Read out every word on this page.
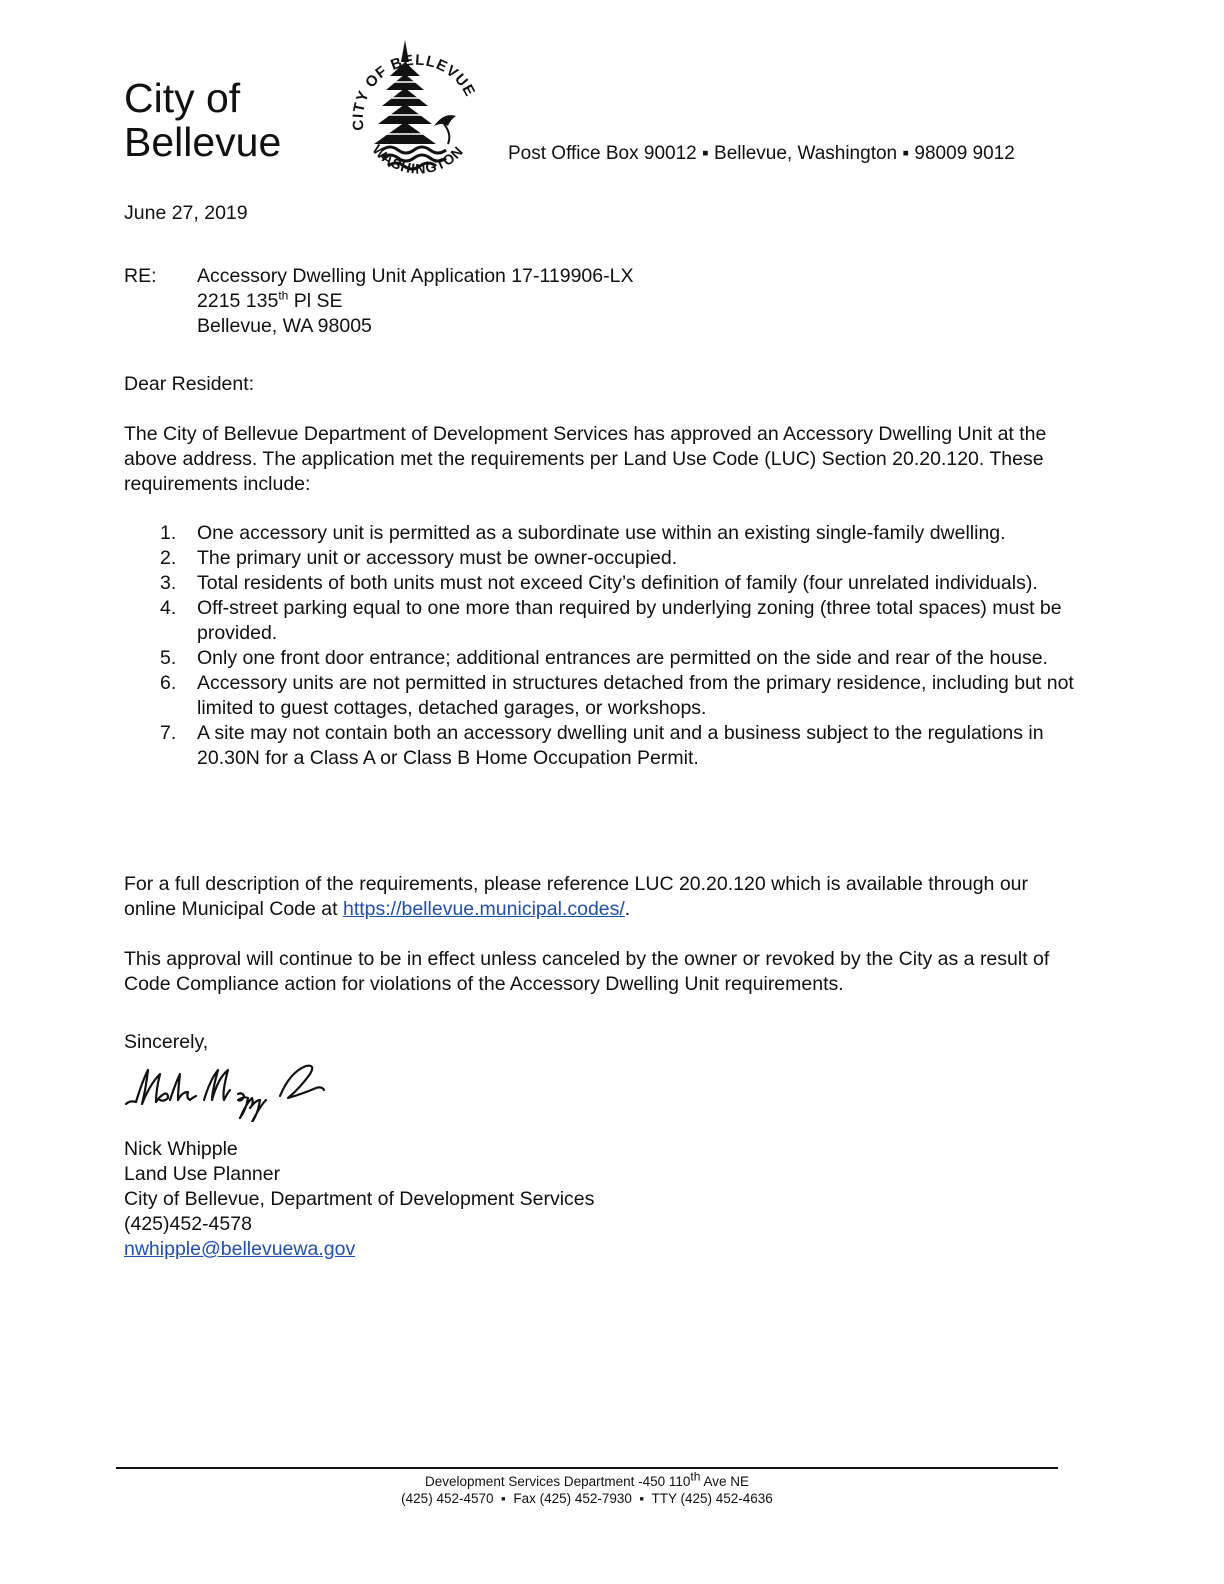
City of
Bellevue	CITY OF BELLEVUE
WASHINGTON Post Office Box 90012 ▪ Bellevue, Washington ▪ 98009 9012
June 27, 2019
RE: Accessory Dwelling Unit Application 17-119906-LX
2215 135th Pl SE
Bellevue, WA 98005
Dear Resident:
The City of Bellevue Department of Development Services has approved an Accessory Dwelling Unit at the above address. The application met the requirements per Land Use Code (LUC) Section 20.20.120. These requirements include:
1. One accessory unit is permitted as a subordinate use within an existing single-family dwelling.
2. The primary unit or accessory must be owner-occupied.
3. Total residents of both units must not exceed City’s definition of family (four unrelated individuals).
4. Off-street parking equal to one more than required by underlying zoning (three total spaces) must be provided.
5. Only one front door entrance; additional entrances are permitted on the side and rear of the house.
6. Accessory units are not permitted in structures detached from the primary residence, including but not limited to guest cottages, detached garages, or workshops.
7. A site may not contain both an accessory dwelling unit and a business subject to the regulations in 20.30N for a Class A or Class B Home Occupation Permit.
For a full description of the requirements, please reference LUC 20.20.120 which is available through our online Municipal Code at https://bellevue.municipal.codes/.
This approval will continue to be in effect unless canceled by the owner or revoked by the City as a result of Code Compliance action for violations of the Accessory Dwelling Unit requirements.
Sincerely,
Nick Whipple
Land Use Planner
City of Bellevue, Department of Development Services
(425)452-4578
nwhipple@bellevuewa.gov
Development Services Department -450 110th Ave NE
(425) 452-4570  ▪  Fax (425) 452-7930  ▪  TTY (425) 452-4636
